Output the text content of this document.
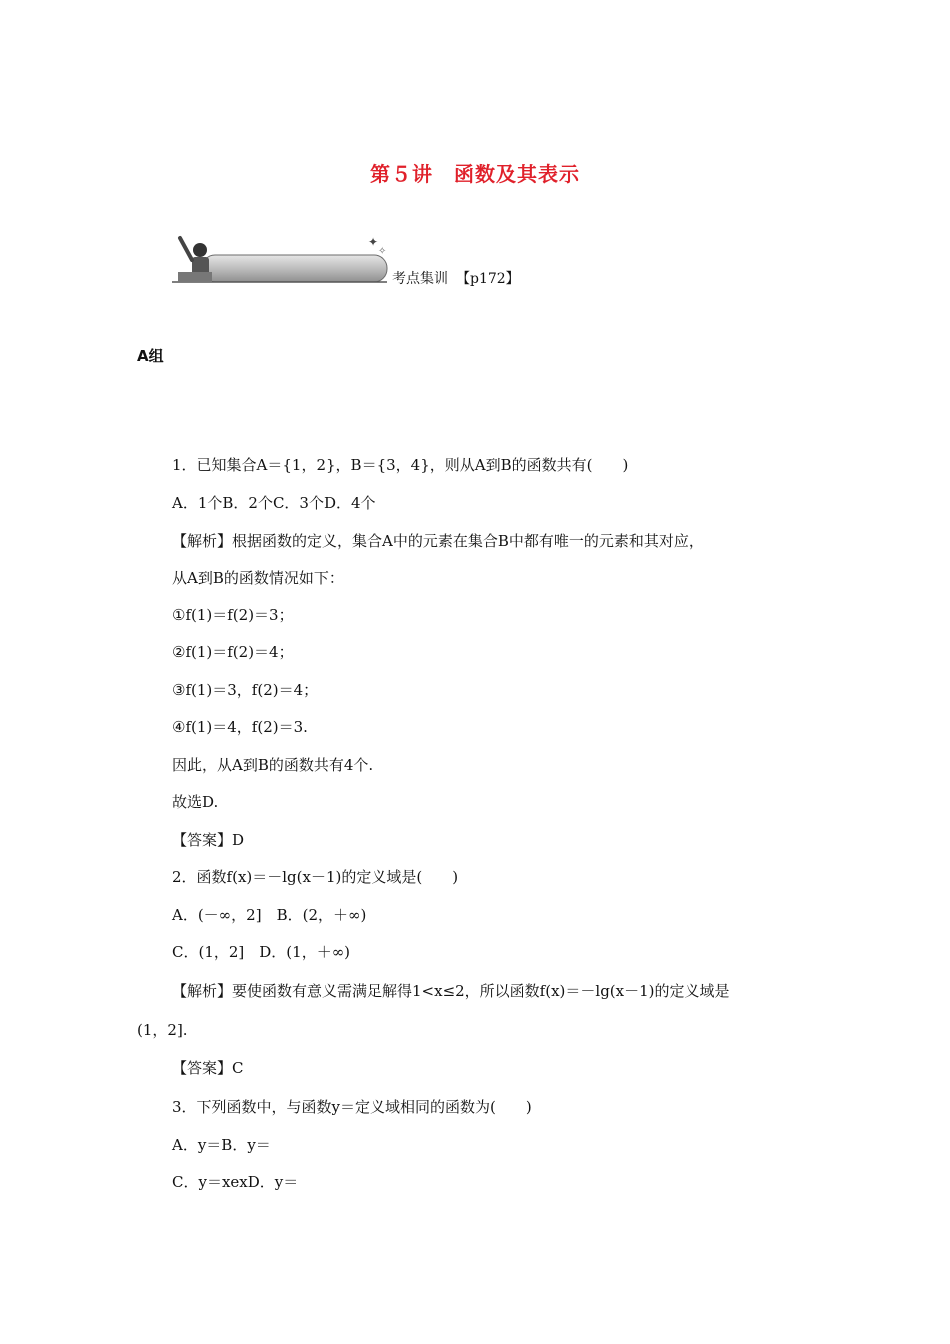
第５讲　函数及其表示
✦
✧
考点集训 【p172】
A组
1．已知集合A＝{1，2}，B＝{3，4}，则从A到B的函数共有(　　)
A．1个B．2个C．3个D．4个
【解析】根据函数的定义，集合A中的元素在集合B中都有唯一的元素和其对应，
从A到B的函数情况如下：
①f(1)＝f(2)＝3；
②f(1)＝f(2)＝4；
③f(1)＝3，f(2)＝4；
④f(1)＝4，f(2)＝3.
因此，从A到B的函数共有4个.
故选D.
【答案】D
2．函数f(x)＝－lg(x－1)的定义域是(　　)
A．(－∞，2]　B．(2，＋∞)
C．(1，2]　D．(1，＋∞)
【解析】要使函数有意义需满足解得1<x≤2，所以函数f(x)＝－lg(x－1)的定义域是
(1，2].
【答案】C
3．下列函数中，与函数y＝定义域相同的函数为(　　)
A．y＝B．y＝
C．y＝xexD．y＝
